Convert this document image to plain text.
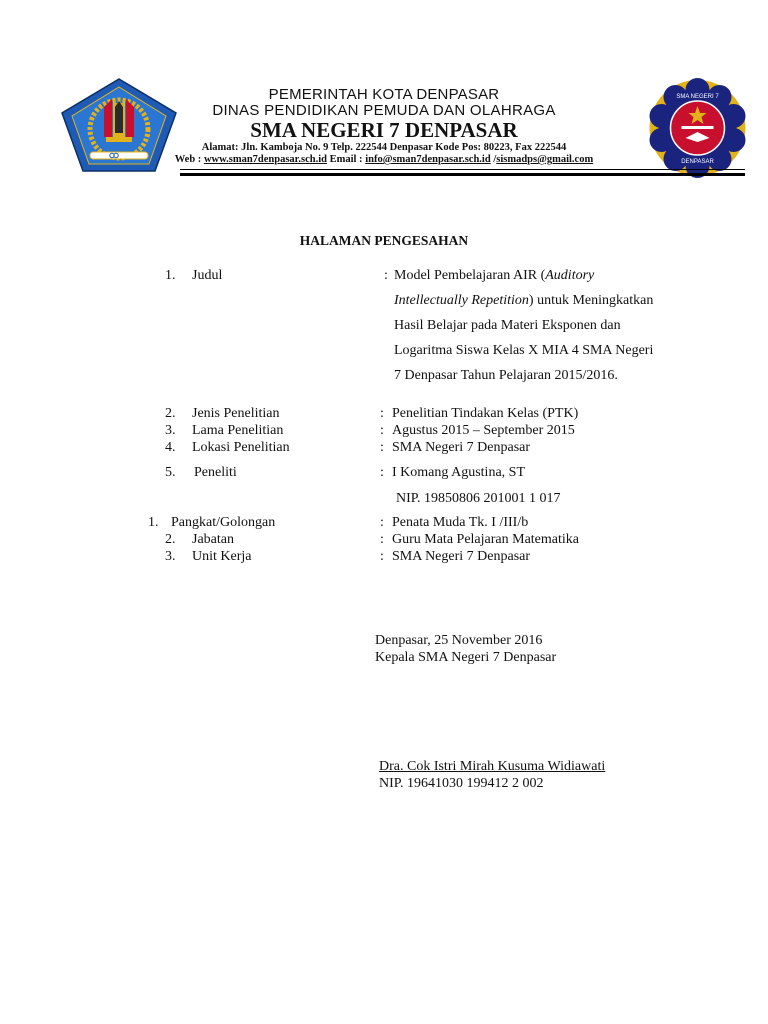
SMA NEGERI 7
DENPASAR
PEMERINTAH KOTA DENPASAR
DINAS PENDIDIKAN PEMUDA DAN OLAHRAGA
SMA NEGERI 7 DENPASAR
Alamat: Jln. Kamboja No. 9 Telp. 222544 Denpasar Kode Pos: 80223, Fax 222544
Web : www.sman7denpasar.sch.id Email : info@sman7denpasar.sch.id /sismadps@gmail.com
HALAMAN PENGESAHAN
1. Judul	: Model Pembelajaran AIR (Auditory
Intellectually Repetition) untuk Meningkatkan
Hasil Belajar pada Materi Eksponen dan
Logaritma Siswa Kelas X MIA 4 SMA Negeri
7 Denpasar Tahun Pelajaran 2015/2016.
2. Jenis Penelitian	: Penelitian Tindakan Kelas (PTK)
3. Lama Penelitian	: Agustus 2015 – September 2015
4. Lokasi Penelitian	: SMA Negeri 7 Denpasar
5. Peneliti	: I Komang Agustina, ST
NIP. 19850806 201001 1 017
1. Pangkat/Golongan	: Penata Muda Tk. I /III/b
2. Jabatan	: Guru Mata Pelajaran Matematika
3. Unit Kerja	: SMA Negeri 7 Denpasar
Denpasar, 25 November 2016
Kepala SMA Negeri 7 Denpasar
Dra. Cok Istri Mirah Kusuma Widiawati
NIP. 19641030 199412 2 002
